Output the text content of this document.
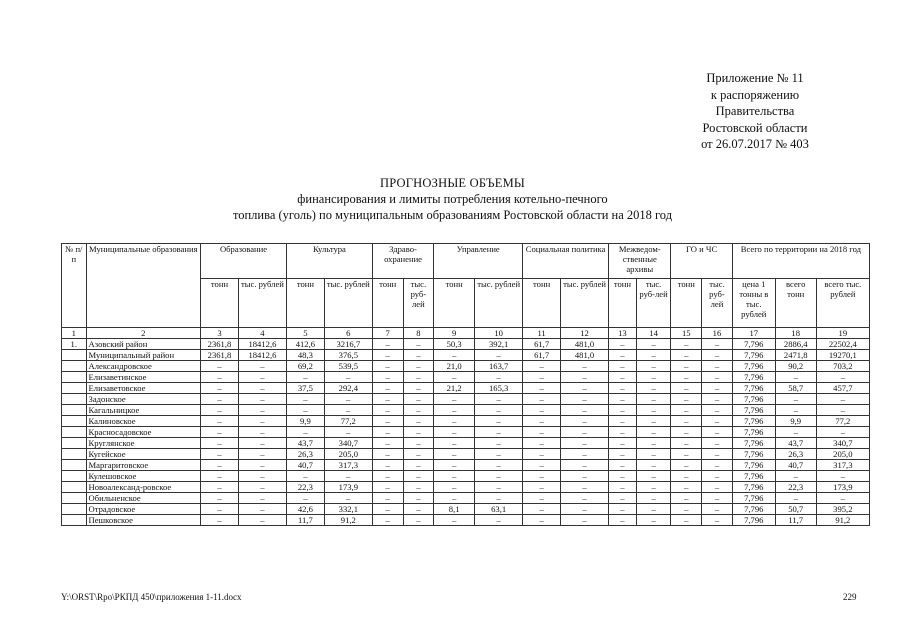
Приложение № 11
к распоряжению
Правительства
Ростовской области
от 26.07.2017 № 403
ПРОГНОЗНЫЕ ОБЪЕМЫ
финансирования и лимиты потребления котельно-печного
топлива (уголь) по муниципальным образованиям Ростовской области на 2018 год
№ п/п	Муниципальные образования	Образование		Культура		Здраво-охранение		Управление		Социальная политика		Межведом-ственные архивы		ГО и ЧС		Всего по территории на 2018 год		
		тонн	тыс. рублей	тонн	тыс. рублей	тонн	тыс. руб-лей	тонн	тыс. рублей	тонн	тыс. рублей	тонн	тыс. руб-лей	тонн	тыс. руб-лей	цена 1 тонны в тыс. рублей	всего тонн	всего тыс. рублей
1	2	3	4	5	6	7	8	9	10	11	12	13	14	15	16	17	18	19
1.	Азовский район	2361,8	18412,6	412,6	3216,7	–	–	50,3	392,1	61,7	481,0	–	–	–	–	7,796	2886,4	22502,4
	Муниципальный район	2361,8	18412,6	48,3	376,5	–	–	–	–	61,7	481,0	–	–	–	–	7,796	2471,8	19270,1
	Александровское	–	–	69,2	539,5	–	–	21,0	163,7	–	–	–	–	–	–	7,796	90,2	703,2
	Елизаветинское	–	–	–	–	–	–	–	–	–	–	–	–	–	–	7,796	–	–
	Елизаветовское	–	–	37,5	292,4	–	–	21,2	165,3	–	–	–	–	–	–	7,796	58,7	457,7
	Задонское	–	–	–	–	–	–	–	–	–	–	–	–	–	–	7,796	–	–
	Кагальницкое	–	–	–	–	–	–	–	–	–	–	–	–	–	–	7,796	–	–
	Калиновское	–	–	9,9	77,2	–	–	–	–	–	–	–	–	–	–	7,796	9,9	77,2
	Красносадовское	–	–	–	–	–	–	–	–	–	–	–	–	–	–	7,796	–	–
	Круглянское	–	–	43,7	340,7	–	–	–	–	–	–	–	–	–	–	7,796	43,7	340,7
	Кугейское	–	–	26,3	205,0	–	–	–	–	–	–	–	–	–	–	7,796	26,3	205,0
	Маргаритовское	–	–	40,7	317,3	–	–	–	–	–	–	–	–	–	–	7,796	40,7	317,3
	Кулешовское	–	–	–	–	–	–	–	–	–	–	–	–	–	–	7,796	–	–
	Новоалександ-ровское	–	–	22,3	173,9	–	–	–	–	–	–	–	–	–	–	7,796	22,3	173,9
	Обильненское	–	–	–	–	–	–	–	–	–	–	–	–	–	–	7,796	–	–
	Отрадовское	–	–	42,6	332,1	–	–	8,1	63,1	–	–	–	–	–	–	7,796	50,7	395,2
	Пешковское	–	–	11,7	91,2	–	–	–	–	–	–	–	–	–	–	7,796	11,7	91,2
Y:\ORST\Rpo\РКПД 450\приложения 1-11.docx	229
